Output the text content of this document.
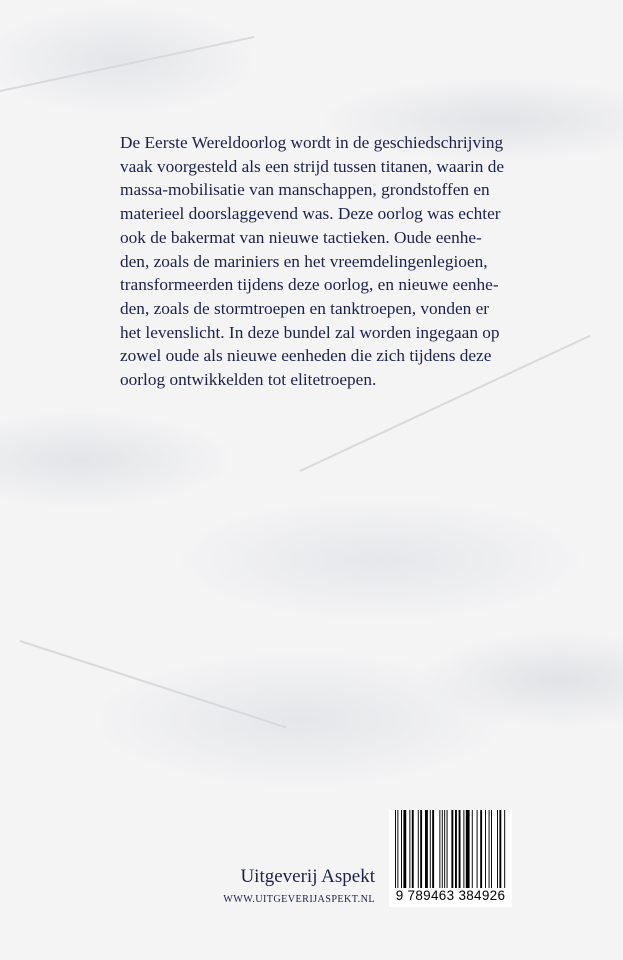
De Eerste Wereldoorlog wordt in de geschiedschrijving
vaak voorgesteld als een strijd tussen titanen, waarin de
massa-mobilisatie van manschappen, grondstoffen en
materieel doorslaggevend was. Deze oorlog was echter
ook de bakermat van nieuwe tactieken. Oude eenhe-
den, zoals de mariniers en het vreemdelingenlegioen,
transformeerden tijdens deze oorlog, en nieuwe eenhe-
den, zoals de stormtroepen en tanktroepen, vonden er
het levenslicht. In deze bundel zal worden ingegaan op
zowel oude als nieuwe eenheden die zich tijdens deze
oorlog ontwikkelden tot elitetroepen.
Uitgeverij Aspekt
WWW.UITGEVERIJASPEKT.NL	9 789463 384926
